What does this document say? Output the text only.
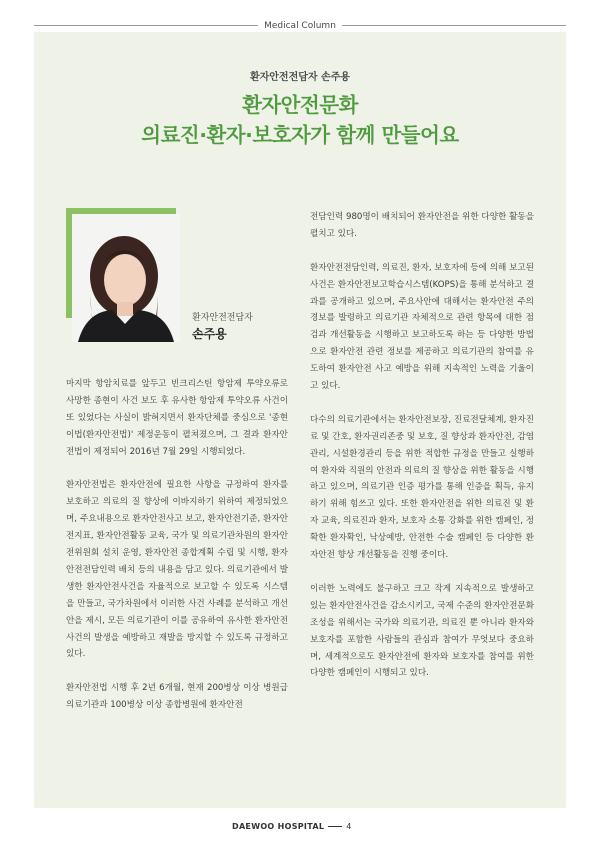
Medical Column
환자안전전담자 손주용
환자안전문화
의료진·환자·보호자가 함께 만들어요
환자안전전담자
손주용

마지막 항암치료를 앞두고 빈크리스틴 항암제 투약오류로 사망한 종현이 사건 보도 후 유사한 항암제 투약오류 사건이 또 있었다는 사실이 밝혀지면서 환자단체를 중심으로 '종현이법(환자안전법)' 제정운동이 펼쳐졌으며, 그 결과 환자안전법이 제정되어 2016년 7월 29일 시행되었다.

환자안전법은 환자안전에 필요한 사항을 규정하여 환자를 보호하고 의료의 질 향상에 이바지하기 위하여 제정되었으며, 주요내용으로 환자안전사고 보고, 환자안전기준, 환자안전지표, 환자안전활동 교육, 국가 및 의료기관차원의 환자안전위원회 설치 운영, 환자안전 종합계획 수립 및 시행, 환자안전전담인력 배치 등의 내용을 담고 있다. 의료기관에서 발생한 환자안전사건을 자율적으로 보고할 수 있도록 시스템을 만들고, 국가차원에서 이러한 사건 사례를 분석하고 개선안을 제시, 모든 의료기관이 이를 공유하여 유사한 환자안전사건의 발생을 예방하고 재발을 방지할 수 있도록 규정하고 있다.

환자안전법 시행 후 2년 6개월, 현재 200병상 이상 병원급 의료기관과 100병상 이상 종합병원에 환자안전

전담인력 980명이 배치되어 환자안전을 위한 다양한 활동을 펼치고 있다.

환자안전전담인력, 의료진, 환자, 보호자에 등에 의해 보고된 사건은 환자안전보고학습시스템(KOPS)을 통해 분석하고 결과를 공개하고 있으며, 주요사안에 대해서는 환자안전 주의경보를 발령하고 의료기관 자체적으로 관련 항목에 대한 점검과 개선활동을 시행하고 보고하도록 하는 등 다양한 방법으로 환자안전 관련 정보를 제공하고 의료기관의 참여를 유도하여 환자안전 사고 예방을 위해 지속적인 노력을 기울이고 있다.

다수의 의료기관에서는 환자안전보장, 진료전달체계, 환자진료 및 간호, 환자권리존중 및 보호, 질 향상과 환자안전, 감염관리, 시설환경관리 등을 위한 적합한 규정을 만들고 실행하여 환자와 직원의 안전과 의료의 질 향상을 위한 활동을 시행하고 있으며, 의료기관 인증 평가를 통해 인증을 획득, 유지하기 위해 힘쓰고 있다. 또한 환자안전을 위한 의료진 및 환자 교육, 의료진과 환자, 보호자 소통 강화를 위한 캠페인, 정확한 환자확인, 낙상예방, 안전한 수술 캠페인 등 다양한 환자안전 향상 개선활동을 진행 중이다.

이러한 노력에도 불구하고 크고 작게 지속적으로 발생하고 있는 환자안전사건을 감소시키고, 국제 수준의 환자안전문화 조성을 위해서는 국가와 의료기관, 의료진 뿐 아니라 환자와 보호자를 포함한 사람들의 관심과 참여가 무엇보다 중요하며, 세계적으로도 환자안전에 환자와 보호자를 참여를 위한 다양한 캠페인이 시행되고 있다.

DAEWOO HOSPITAL	4
